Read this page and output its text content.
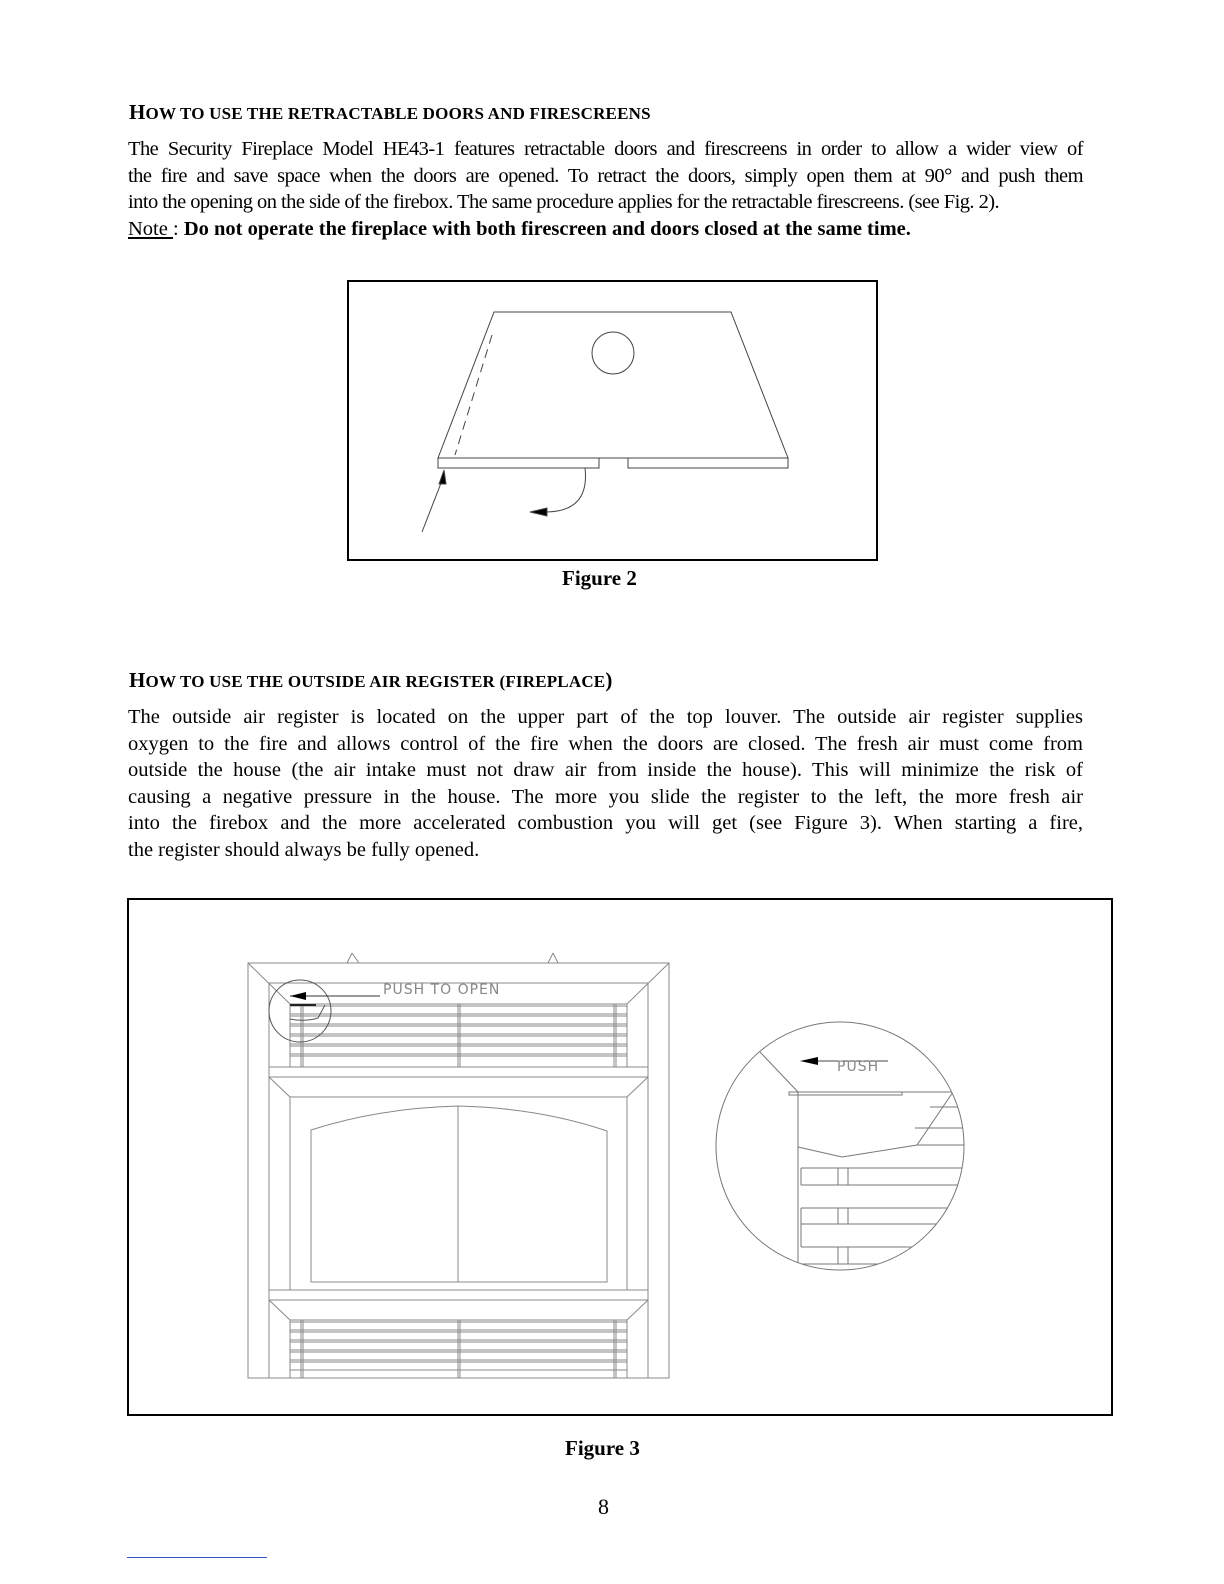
HOW TO USE THE RETRACTABLE DOORS AND FIRESCREENS
The Security Fireplace Model HE43-1 features retractable doors and firescreens in order to allow a wider view of
the fire and save space when the doors are opened. To retract the doors, simply open them at 90° and push them
into the opening on the side of the firebox. The same procedure applies for the retractable firescreens. (see Fig. 2).
Note : Do not operate the fireplace with both firescreen and doors closed at the same time.
Figure 2
HOW TO USE THE OUTSIDE AIR REGISTER (FIREPLACE)
The outside air register is located on the upper part of the top louver. The outside air register supplies
oxygen to the fire and allows control of the fire when the doors are closed. The fresh air must come from
outside the house (the air intake must not draw air from inside the house). This will minimize the risk of
causing a negative pressure in the house. The more you slide the register to the left, the more fresh air
into the firebox and the more accelerated combustion you will get (see Figure 3). When starting a fire,
the register should always be fully opened.
Figure 3
PUSH TO OPEN
PUSH
8
